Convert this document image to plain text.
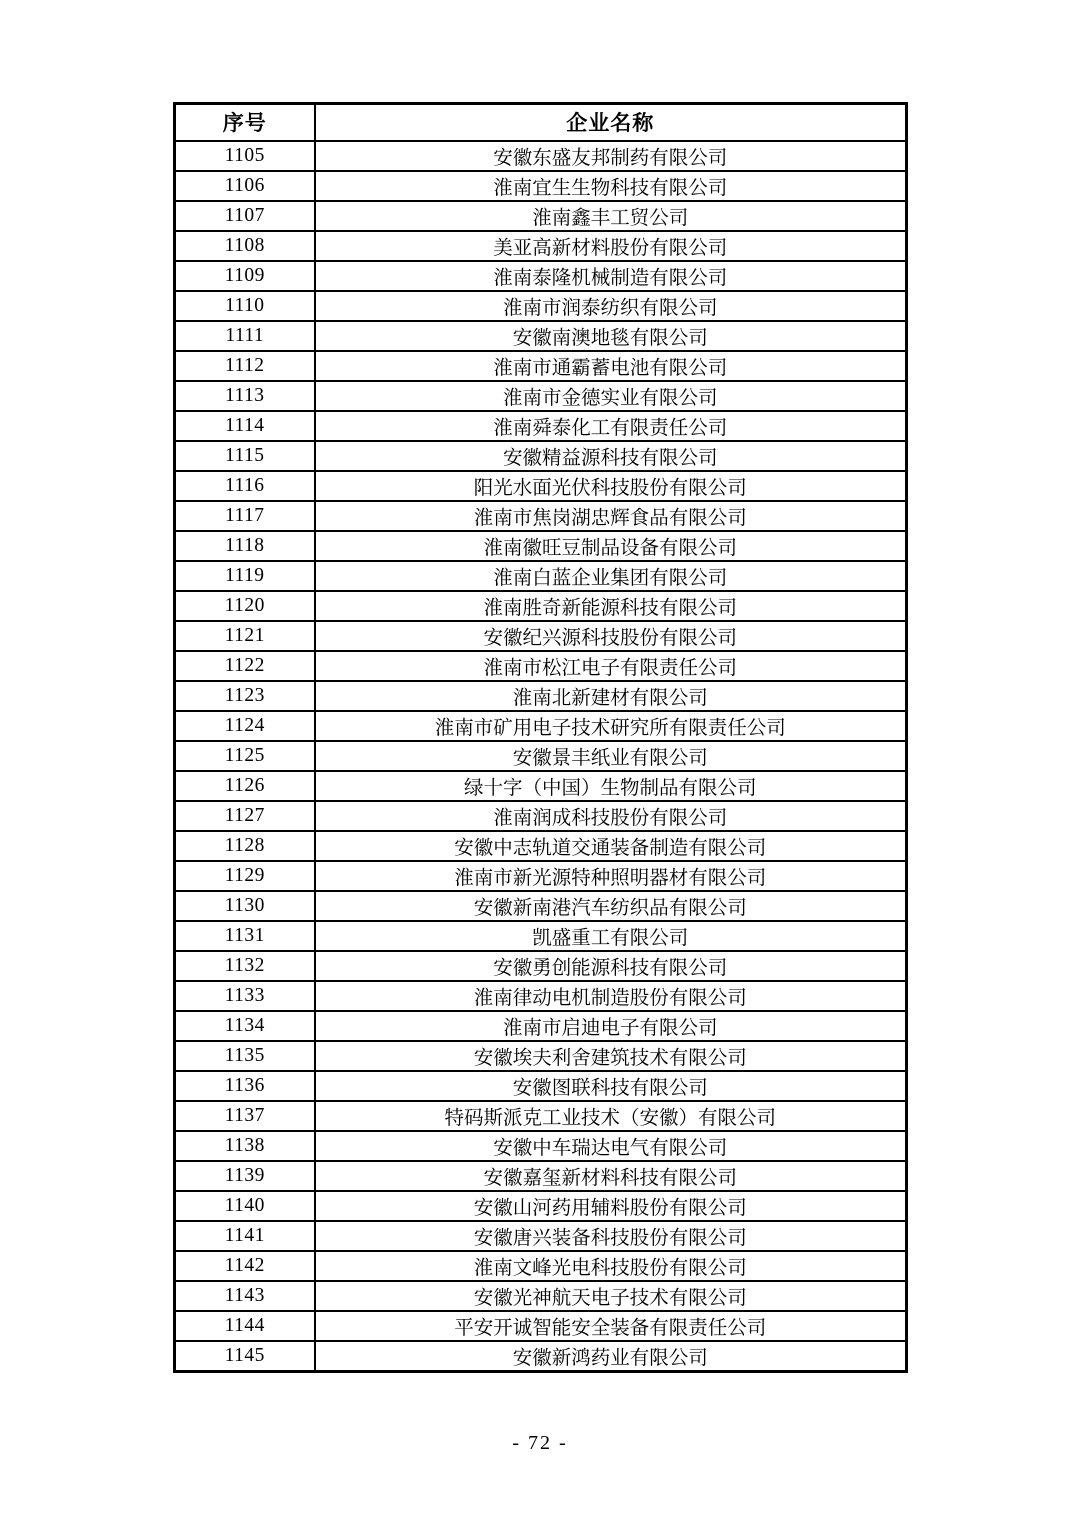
序号	企业名称
1105	安徽东盛友邦制药有限公司
1106	淮南宜生生物科技有限公司
1107	淮南鑫丰工贸公司
1108	美亚高新材料股份有限公司
1109	淮南泰隆机械制造有限公司
1110	淮南市润泰纺织有限公司
1111	安徽南澳地毯有限公司
1112	淮南市通霸蓄电池有限公司
1113	淮南市金德实业有限公司
1114	淮南舜泰化工有限责任公司
1115	安徽精益源科技有限公司
1116	阳光水面光伏科技股份有限公司
1117	淮南市焦岗湖忠辉食品有限公司
1118	淮南徽旺豆制品设备有限公司
1119	淮南白蓝企业集团有限公司
1120	淮南胜奇新能源科技有限公司
1121	安徽纪兴源科技股份有限公司
1122	淮南市松江电子有限责任公司
1123	淮南北新建材有限公司
1124	淮南市矿用电子技术研究所有限责任公司
1125	安徽景丰纸业有限公司
1126	绿十字（中国）生物制品有限公司
1127	淮南润成科技股份有限公司
1128	安徽中志轨道交通装备制造有限公司
1129	淮南市新光源特种照明器材有限公司
1130	安徽新南港汽车纺织品有限公司
1131	凯盛重工有限公司
1132	安徽勇创能源科技有限公司
1133	淮南律动电机制造股份有限公司
1134	淮南市启迪电子有限公司
1135	安徽埃夫利舍建筑技术有限公司
1136	安徽图联科技有限公司
1137	特码斯派克工业技术（安徽）有限公司
1138	安徽中车瑞达电气有限公司
1139	安徽嘉玺新材料科技有限公司
1140	安徽山河药用辅料股份有限公司
1141	安徽唐兴装备科技股份有限公司
1142	淮南文峰光电科技股份有限公司
1143	安徽光神航天电子技术有限公司
1144	平安开诚智能安全装备有限责任公司
1145	安徽新鸿药业有限公司
- 72 -
